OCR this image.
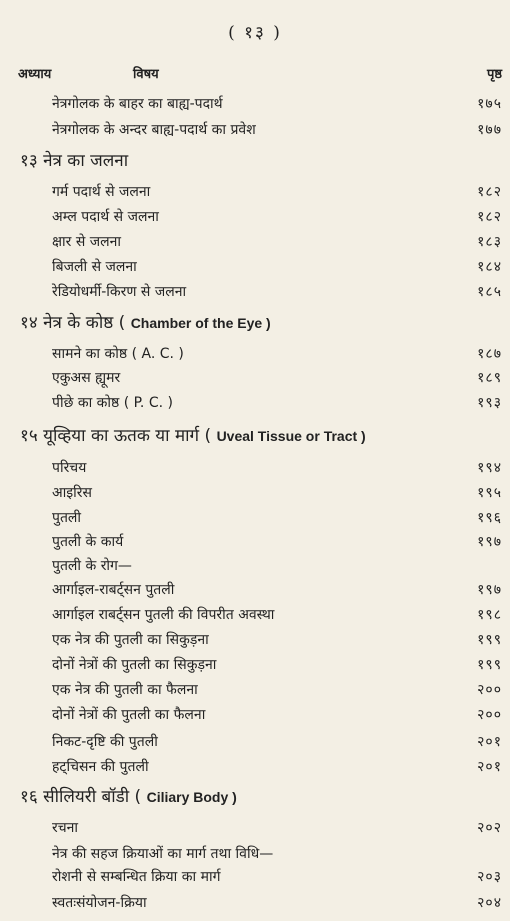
( १३ )
अध्याय	विषय	पृष्ठ
नेत्रगोलक के बाहर का बाह्य-पदार्थ	१७५
नेत्रगोलक के अन्दर बाह्य-पदार्थ का प्रवेश	१७७
१३ नेत्र का जलना
गर्म पदार्थ से जलना	१८२
अम्ल पदार्थ से जलना	१८२
क्षार से जलना	१८३
बिजली से जलना	१८४
रेडियोधर्मी-किरण से जलना	१८५
१४ नेत्र के कोष्ठ ( Chamber of the Eye )
सामने का कोष्ठ ( A. C. )	१८७
एकुअस ह्यूमर	१८९
पीछे का कोष्ठ ( P. C. )	१९३
१५ यूव्हिया का ऊतक या मार्ग ( Uveal Tissue or Tract )
परिचय	१९४
आइरिस	१९५
पुतली	१९६
पुतली के कार्य	१९७
पुतली के रोग—
आर्गाइल-राबर्ट्सन पुतली	१९७
आर्गाइल राबर्ट्सन पुतली की विपरीत अवस्था	१९८
एक नेत्र की पुतली का सिकुड़ना	१९९
दोनों नेत्रों की पुतली का सिकुड़ना	१९९
एक नेत्र की पुतली का फैलना	२००
दोनों नेत्रों की पुतली का फैलना	२००
निकट-दृष्टि की पुतली	२०१
हट्चिसन की पुतली	२०१
१६ सीलियरी बॉडी ( Ciliary Body )
रचना	२०२
नेत्र की सहज क्रियाओं का मार्ग तथा विधि—
रोशनी से सम्बन्धित क्रिया का मार्ग	२०३
स्वतःसंयोजन-क्रिया	२०४
